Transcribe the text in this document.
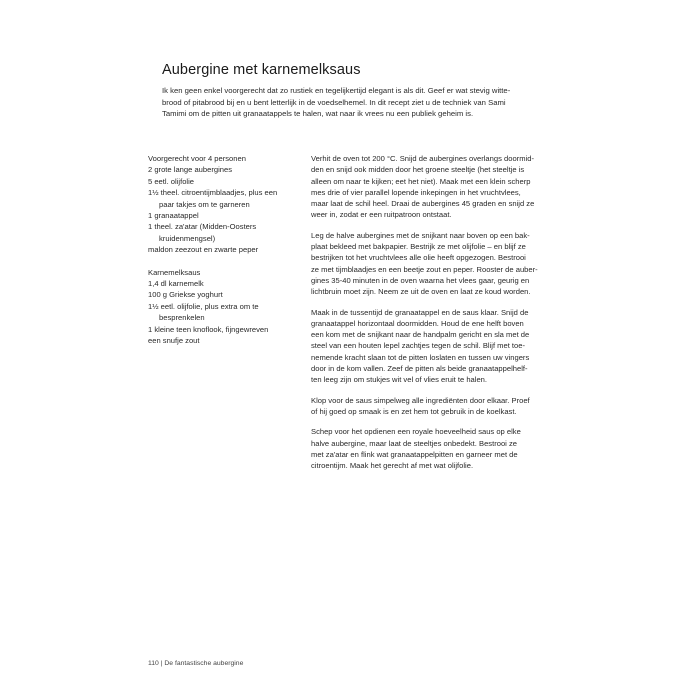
Aubergine met karnemelksaus
Ik ken geen enkel voorgerecht dat zo rustiek en tegelijkertijd elegant is als dit. Geef er wat stevig witte-
brood of pitabrood bij en u bent letterlijk in de voedselhemel. In dit recept ziet u de techniek van Sami
Tamimi om de pitten uit granaatappels te halen, wat naar ik vrees nu een publiek geheim is.
Voorgerecht voor 4 personen
2 grote lange aubergines
5 eetl. olijfolie
1½ theel. citroentijmblaadjes, plus een
paar takjes om te garneren
1 granaatappel
1 theel. za'atar (Midden-Oosters
kruidenmengsel)
maldon zeezout en zwarte peper
Karnemelksaus
1,4 dl karnemelk
100 g Griekse yoghurt
1½ eetl. olijfolie, plus extra om te
besprenkelen
1 kleine teen knoflook, fijngewreven
een snufje zout
Verhit de oven tot 200 °C. Snijd de aubergines overlangs doormid-
den en snijd ook midden door het groene steeltje (het steeltje is
alleen om naar te kijken; eet het niet). Maak met een klein scherp
mes drie of vier parallel lopende inkepingen in het vruchtvlees,
maar laat de schil heel. Draai de aubergines 45 graden en snijd ze
weer in, zodat er een ruitpatroon ontstaat.
Leg de halve aubergines met de snijkant naar boven op een bak-
plaat bekleed met bakpapier. Bestrijk ze met olijfolie – en blijf ze
bestrijken tot het vruchtvlees alle olie heeft opgezogen. Bestrooi
ze met tijmblaadjes en een beetje zout en peper. Rooster de auber-
gines 35-40 minuten in de oven waarna het vlees gaar, geurig en
lichtbruin moet zijn. Neem ze uit de oven en laat ze koud worden.
Maak in de tussentijd de granaatappel en de saus klaar. Snijd de
granaatappel horizontaal doormidden. Houd de ene helft boven
een kom met de snijkant naar de handpalm gericht en sla met de
steel van een houten lepel zachtjes tegen de schil. Blijf met toe-
nemende kracht slaan tot de pitten loslaten en tussen uw vingers
door in de kom vallen. Zeef de pitten als beide granaatappelhelf-
ten leeg zijn om stukjes wit vel of vlies eruit te halen.
Klop voor de saus simpelweg alle ingrediënten door elkaar. Proef
of hij goed op smaak is en zet hem tot gebruik in de koelkast.
Schep voor het opdienen een royale hoeveelheid saus op elke
halve aubergine, maar laat de steeltjes onbedekt. Bestrooi ze
met za'atar en flink wat granaatappelpitten en garneer met de
citroentijm. Maak het gerecht af met wat olijfolie.
110 | De fantastische aubergine
